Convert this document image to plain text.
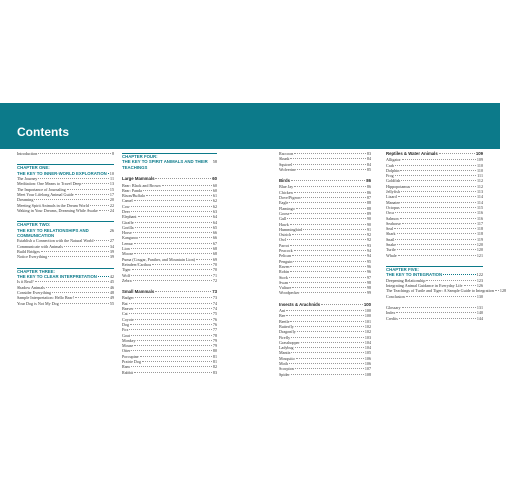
Contents
Introduction	8
CHAPTER ONE:
THE KEY TO INNER-WORLD EXPLORATION 10
The Journey	11
Meditation: One Means to Travel Deep	13
The Importance of Journaling	15
Meet Your Lifelong Animal Guide	17
Dreaming	20
Meeting Spirit Animals in the Dream World	22
Waking in Your Dreams, Dreaming While Awake	24
CHAPTER TWO:
THE KEY TO RELATIONSHIPS AND COMMUNICATION
26
Establish a Connection with the Natural World	27
Communicate with Animals	34
Build Bridges	39
Notice Everything	39
CHAPTER THREE:
THE KEY TO CLEAR INTERPRETATION	42
Is it Real?	45
Shadow Animals	46
Consider Everything	48
Sample Interpretation: Hello Bear!	49
Your Dog is Not My Dog	55
CHAPTER FOUR:
THE KEY TO SPIRIT ANIMALS AND THEIR TEACHINGS
58
Large Mammals	60
Bear: Black and Brown	60
Bear: Panda	60
Bison/Buffalo	61
Camel	62
Cow	62
Deer	63
Elephant	64
Giraffe	64
Gorilla	65
Horse	66
Kangaroo	66
Lemur	67
Lion	68
Moose	68
Puma (Cougar, Panther, and Mountain Lion)	69
Reindeer/Caribou	70
Tiger	70
Wolf	71
Zebra	72
Small Mammals	73
Badger	73
Bat	74
Beaver	74
Cat	75
Coyote	76
Dog	76
Fox	77
Goat	78
Monkey	79
Mouse	79
Otter	80
Porcupine	81
Prairie Dog	81
Ram	82
Rabbit	83
Raccoon	83
Skunk	84
Squirrel	84
Wolverine	85
Birds	86
Blue Jay	86
Chicken	86
Dove/Pigeon	87
Eagle	88
Flamingo	88
Goose	89
Gull	90
Hawk	90
Hummingbird	91
Ostrich	92
Owl	92
Parrot	93
Peacock	94
Pelican	94
Penguin	95
Raven	96
Robin	96
Stork	97
Swan	98
Vulture	98
Woodpecker	99
Insects & Arachnids	100
Ant	100
Bee	100
Beetle	101
Butterfly	102
Dragonfly	102
Firefly	103
Grasshopper	104
Ladybug	104
Mantis	105
Mosquito	106
Moth	106
Scorpion	107
Spider	108
Reptiles & Water Animals	109
Alligator	109
Crab	110
Dolphin	110
Frog	111
Goldfish	112
Hippopotamus	112
Jellyfish	113
Lizard	114
Manatee	114
Octopus	115
Orca	116
Salmon	116
Seahorse	117
Seal	118
Shark	118
Snail	119
Snake	120
Turtle	120
Whale	121
CHAPTER FIVE:
THE KEY TO INTEGRATION	122
Deepening Relationship	123
Integrating Animal Guidance in Everyday Life	126
The Teachings of Turtle and Tiger: A Sample Guide to Integration 128
Conclusion	130
Glossary	131
Index	140
Credits	144
